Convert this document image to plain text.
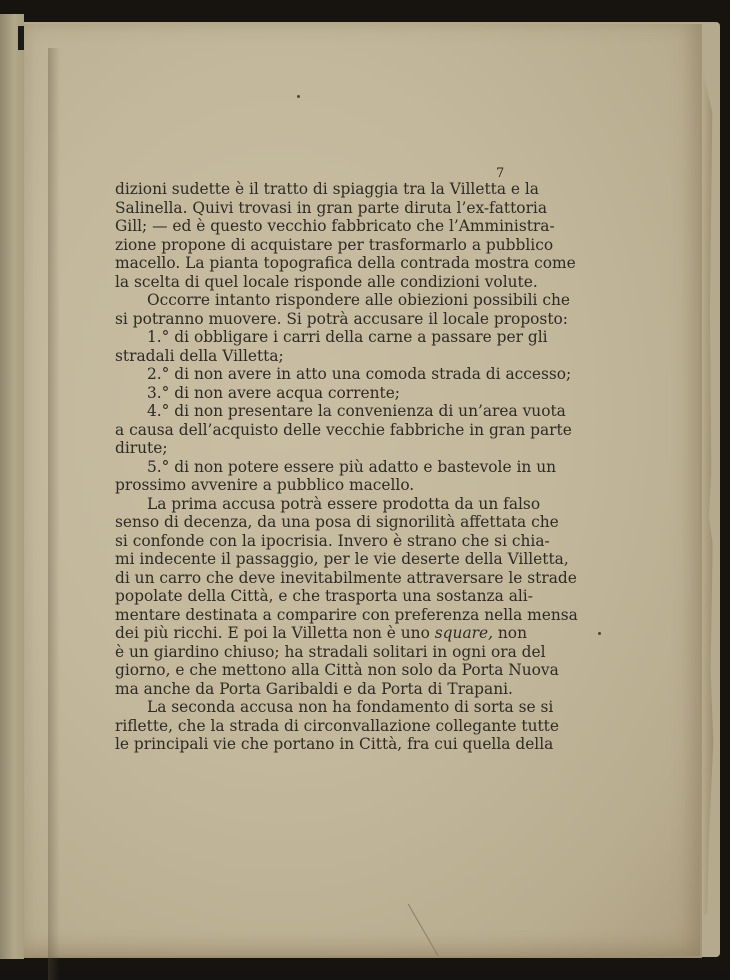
7

dizioni sudette è il tratto di spiaggia tra la Villetta e la
Salinella. Quivi trovasi in gran parte diruta l’ex-fattoria
Gill; — ed è questo vecchio fabbricato che l’Amministra-
zione propone di acquistare per trasformarlo a pubblico
macello. La pianta topografica della contrada mostra come
la scelta di quel locale risponde alle condizioni volute.
Occorre intanto rispondere alle obiezioni possibili che
si potranno muovere. Si potrà accusare il locale proposto:
1.° di obbligare i carri della carne a passare per gli
stradali della Villetta;
2.° di non avere in atto una comoda strada di accesso;
3.° di non avere acqua corrente;
4.° di non presentare la convenienza di un’area vuota
a causa dell’acquisto delle vecchie fabbriche in gran parte
dirute;
5.° di non potere essere più adatto e bastevole in un
prossimo avvenire a pubblico macello.
La prima accusa potrà essere prodotta da un falso
senso di decenza, da una posa di signorilità affettata che
si confonde con la ipocrisia. Invero è strano che si chia-
mi indecente il passaggio, per le vie deserte della Villetta,
di un carro che deve inevitabilmente attraversare le strade
popolate della Città, e che trasporta una sostanza ali-
mentare destinata a comparire con preferenza nella mensa
dei più ricchi. E poi la Villetta non è uno square, non
è un giardino chiuso; ha stradali solitari in ogni ora del
giorno, e che mettono alla Città non solo da Porta Nuova
ma anche da Porta Garibaldi e da Porta di Trapani.
La seconda accusa non ha fondamento di sorta se si
riflette, che la strada di circonvallazione collegante tutte
le principali vie che portano in Città, fra cui quella della
